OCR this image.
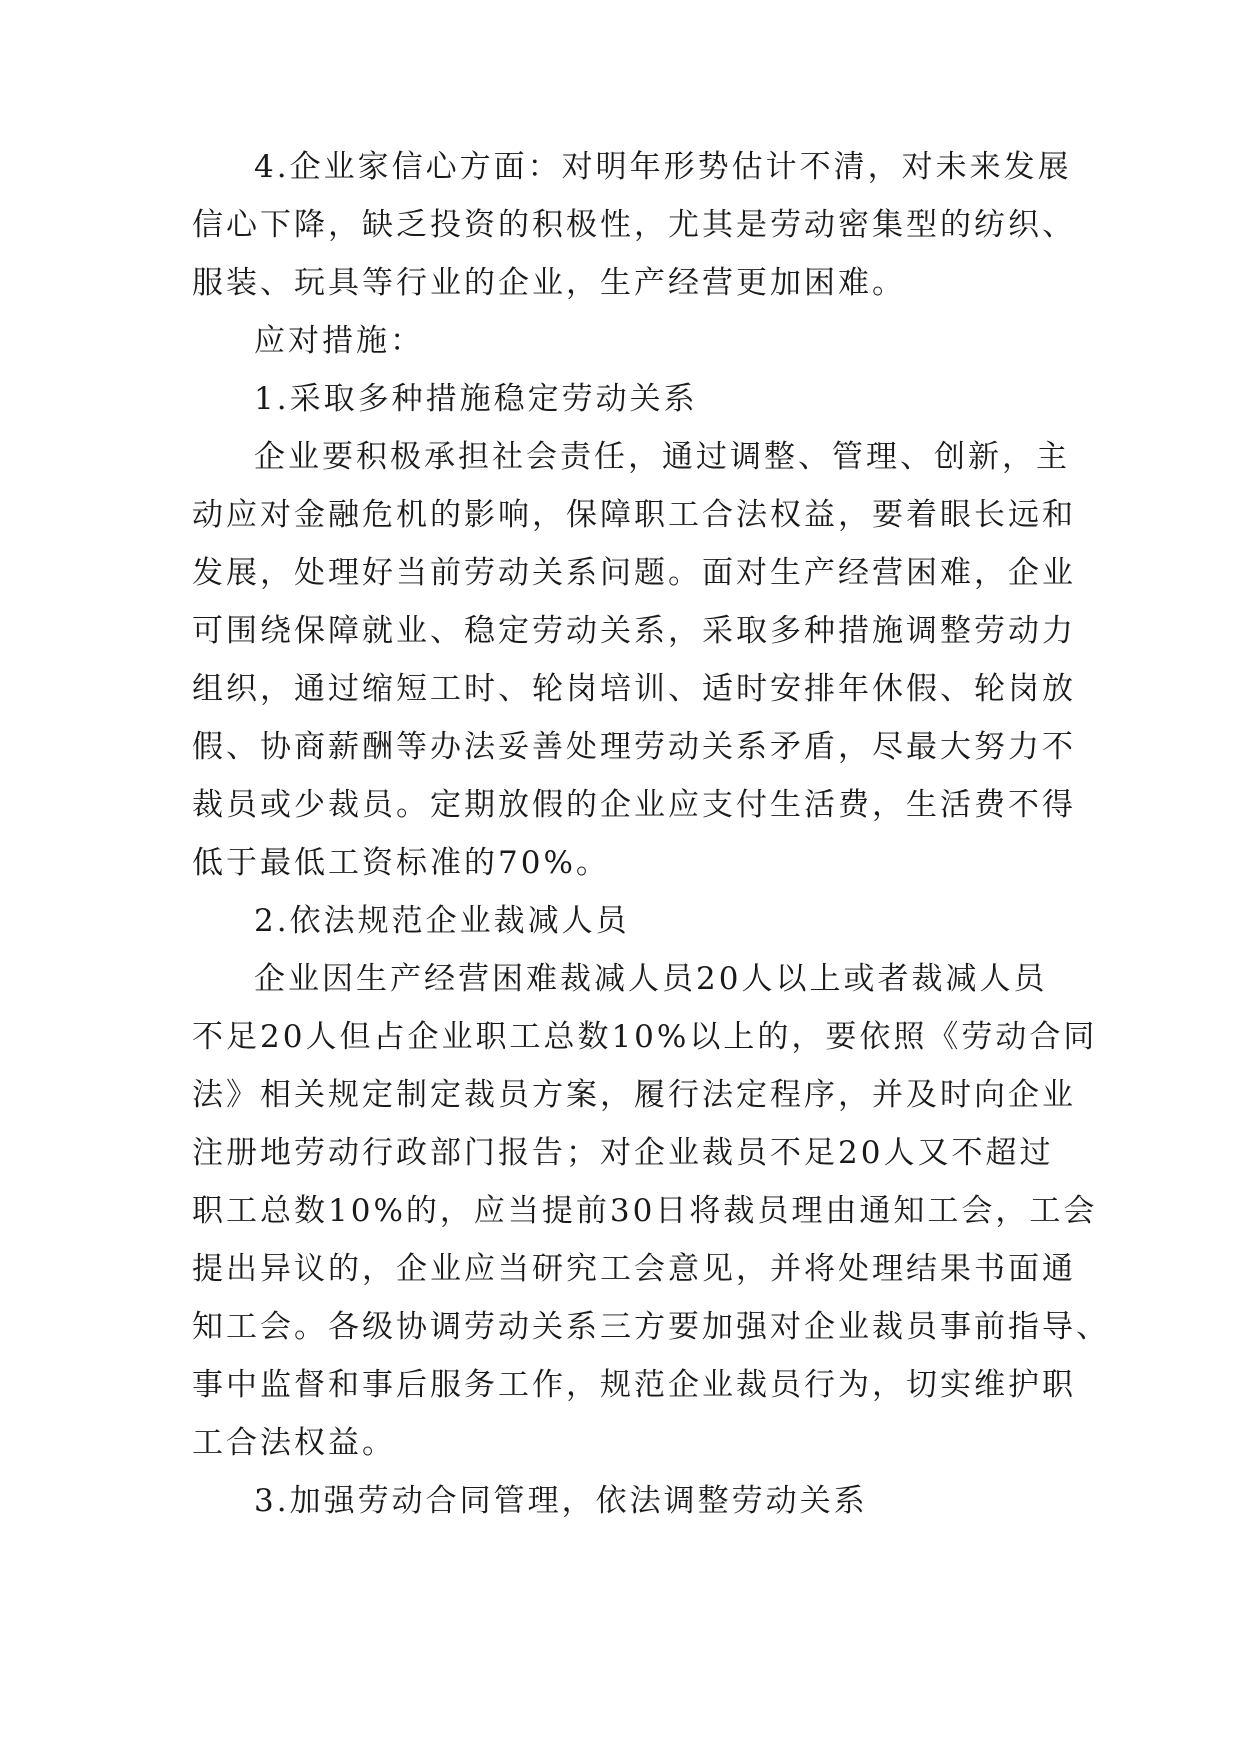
4.企业家信心方面：对明年形势估计不清，对未来发展
信心下降，缺乏投资的积极性，尤其是劳动密集型的纺织、
服装、玩具等行业的企业，生产经营更加困难。
应对措施：
1.采取多种措施稳定劳动关系
企业要积极承担社会责任，通过调整、管理、创新，主
动应对金融危机的影响，保障职工合法权益，要着眼长远和
发展，处理好当前劳动关系问题。面对生产经营困难，企业
可围绕保障就业、稳定劳动关系，采取多种措施调整劳动力
组织，通过缩短工时、轮岗培训、适时安排年休假、轮岗放
假、协商薪酬等办法妥善处理劳动关系矛盾，尽最大努力不
裁员或少裁员。定期放假的企业应支付生活费，生活费不得
低于最低工资标准的70%。
2.依法规范企业裁减人员
企业因生产经营困难裁减人员20人以上或者裁减人员
不足20人但占企业职工总数10%以上的，要依照《劳动合同
法》相关规定制定裁员方案，履行法定程序，并及时向企业
注册地劳动行政部门报告；对企业裁员不足20人又不超过
职工总数10%的，应当提前30日将裁员理由通知工会，工会
提出异议的，企业应当研究工会意见，并将处理结果书面通
知工会。各级协调劳动关系三方要加强对企业裁员事前指导、
事中监督和事后服务工作，规范企业裁员行为，切实维护职
工合法权益。
3.加强劳动合同管理，依法调整劳动关系
